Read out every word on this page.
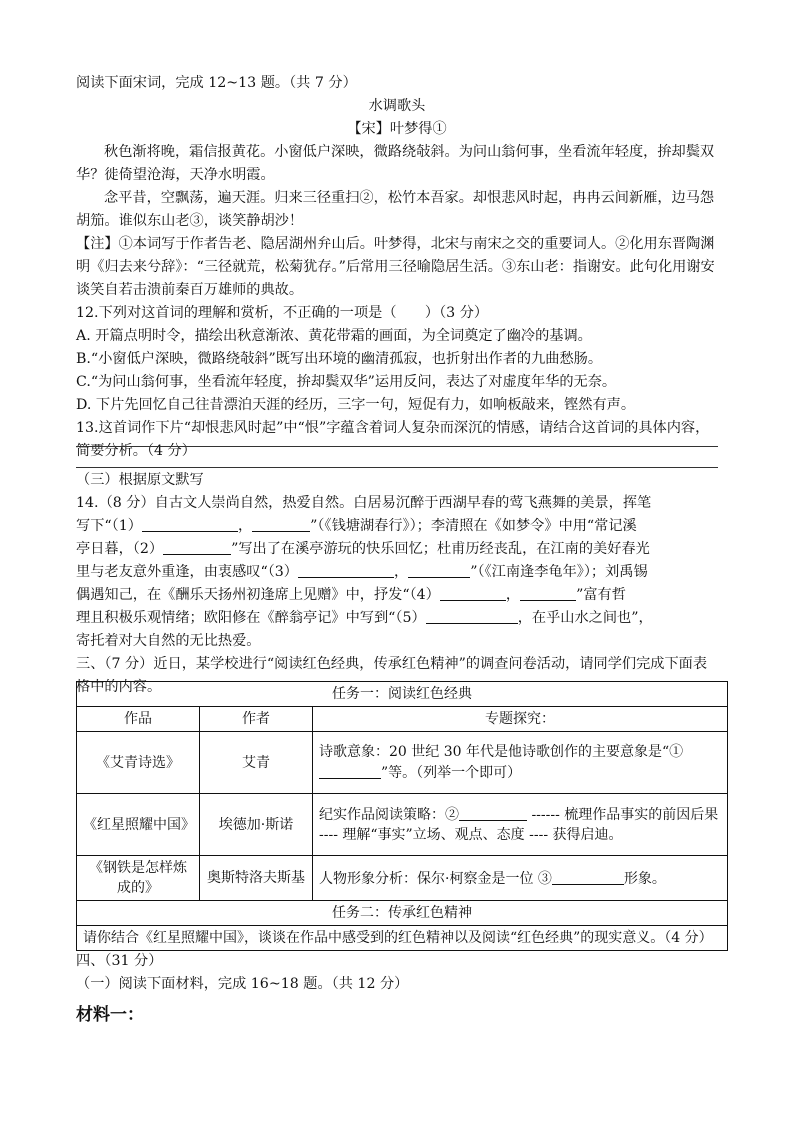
阅读下面宋词，完成 12~13 题。（共 7 分）
水调歌头
【宋】叶梦得①
秋色渐将晚，霜信报黄花。小窗低户深映，微路绕敧斜。为问山翁何事，坐看流年轻度，拚却鬓双华？徙倚望沧海，天净水明霞。
念平昔，空飘荡，遍天涯。归来三径重扫②，松竹本吾家。却恨悲风时起，冉冉云间新雁，边马怨胡笳。谁似东山老③，谈笑静胡沙！
【注】①本词写于作者告老、隐居湖州弁山后。叶梦得，北宋与南宋之交的重要词人。②化用东晋陶渊明《归去来兮辞》：“三径就荒，松菊犹存。”后常用三径喻隐居生活。③东山老：指谢安。此句化用谢安谈笑自若击溃前秦百万雄师的典故。
12.下列对这首词的理解和赏析，不正确的一项是（　　）（3 分）
A. 开篇点明时令，描绘出秋意渐浓、黄花带霜的画面，为全词奠定了幽冷的基调。
B.“小窗低户深映，微路绕敧斜”既写出环境的幽清孤寂，也折射出作者的九曲愁肠。
C.“为问山翁何事，坐看流年轻度，拚却鬓双华”运用反问，表达了对虚度年华的无奈。
D. 下片先回忆自己往昔漂泊天涯的经历，三字一句，短促有力，如响板敲来，铿然有声。
13.这首词作下片“却恨悲风时起”中“恨”字蕴含着词人复杂而深沉的情感，请结合这首词的具体内容，简要分析。（4 分）
（三）根据原文默写
14.（8 分）自古文人崇尚自然，热爱自然。白居易沉醉于西湖早春的莺飞燕舞的美景，挥笔
写下“（1）	，	”（《钱塘湖春行》）；李清照在《如梦令》中用“常记溪
亭日暮，（2）	”写出了在溪亭游玩的快乐回忆；杜甫历经丧乱，在江南的美好春光
里与老友意外重逢，由衷感叹“（3）	，	”（《江南逢李龟年》）；刘禹锡
偶遇知己，在《酬乐天扬州初逢席上见赠》中，抒发“（4）	，	”富有哲
理且积极乐观情绪；欧阳修在《醉翁亭记》中写到“（5）	，在乎山水之间也”，
寄托着对大自然的无比热爱。
三、（7 分）近日，某学校进行“阅读红色经典，传承红色精神”的调查问卷活动，请同学们完成下面表格中的内容。	任务一：阅读红色经典		
作品	作者	专题探究：
《艾青诗选》	艾青	诗歌意象：20 世纪 30 年代是他诗歌创作的主要意象是“①”等。（列举一个即可）
《红星照耀中国》	埃德加·斯诺	纪实作品阅读策略：② ------ 梳理作品事实的前因后果 ---- 理解“事实”立场、观点、态度 ---- 获得启迪。
《钢铁是怎样炼成的》	奥斯特洛夫斯基	人物形象分析：保尔·柯察金是一位 ③ 形象。
任务二：传承红色精神		
请你结合《红星照耀中国》，谈谈在作品中感受到的红色精神以及阅读“红色经典”的现实意义。（4 分）		
四、（31 分）
（一）阅读下面材料，完成 16~18 题。（共 12 分）
材料一：
